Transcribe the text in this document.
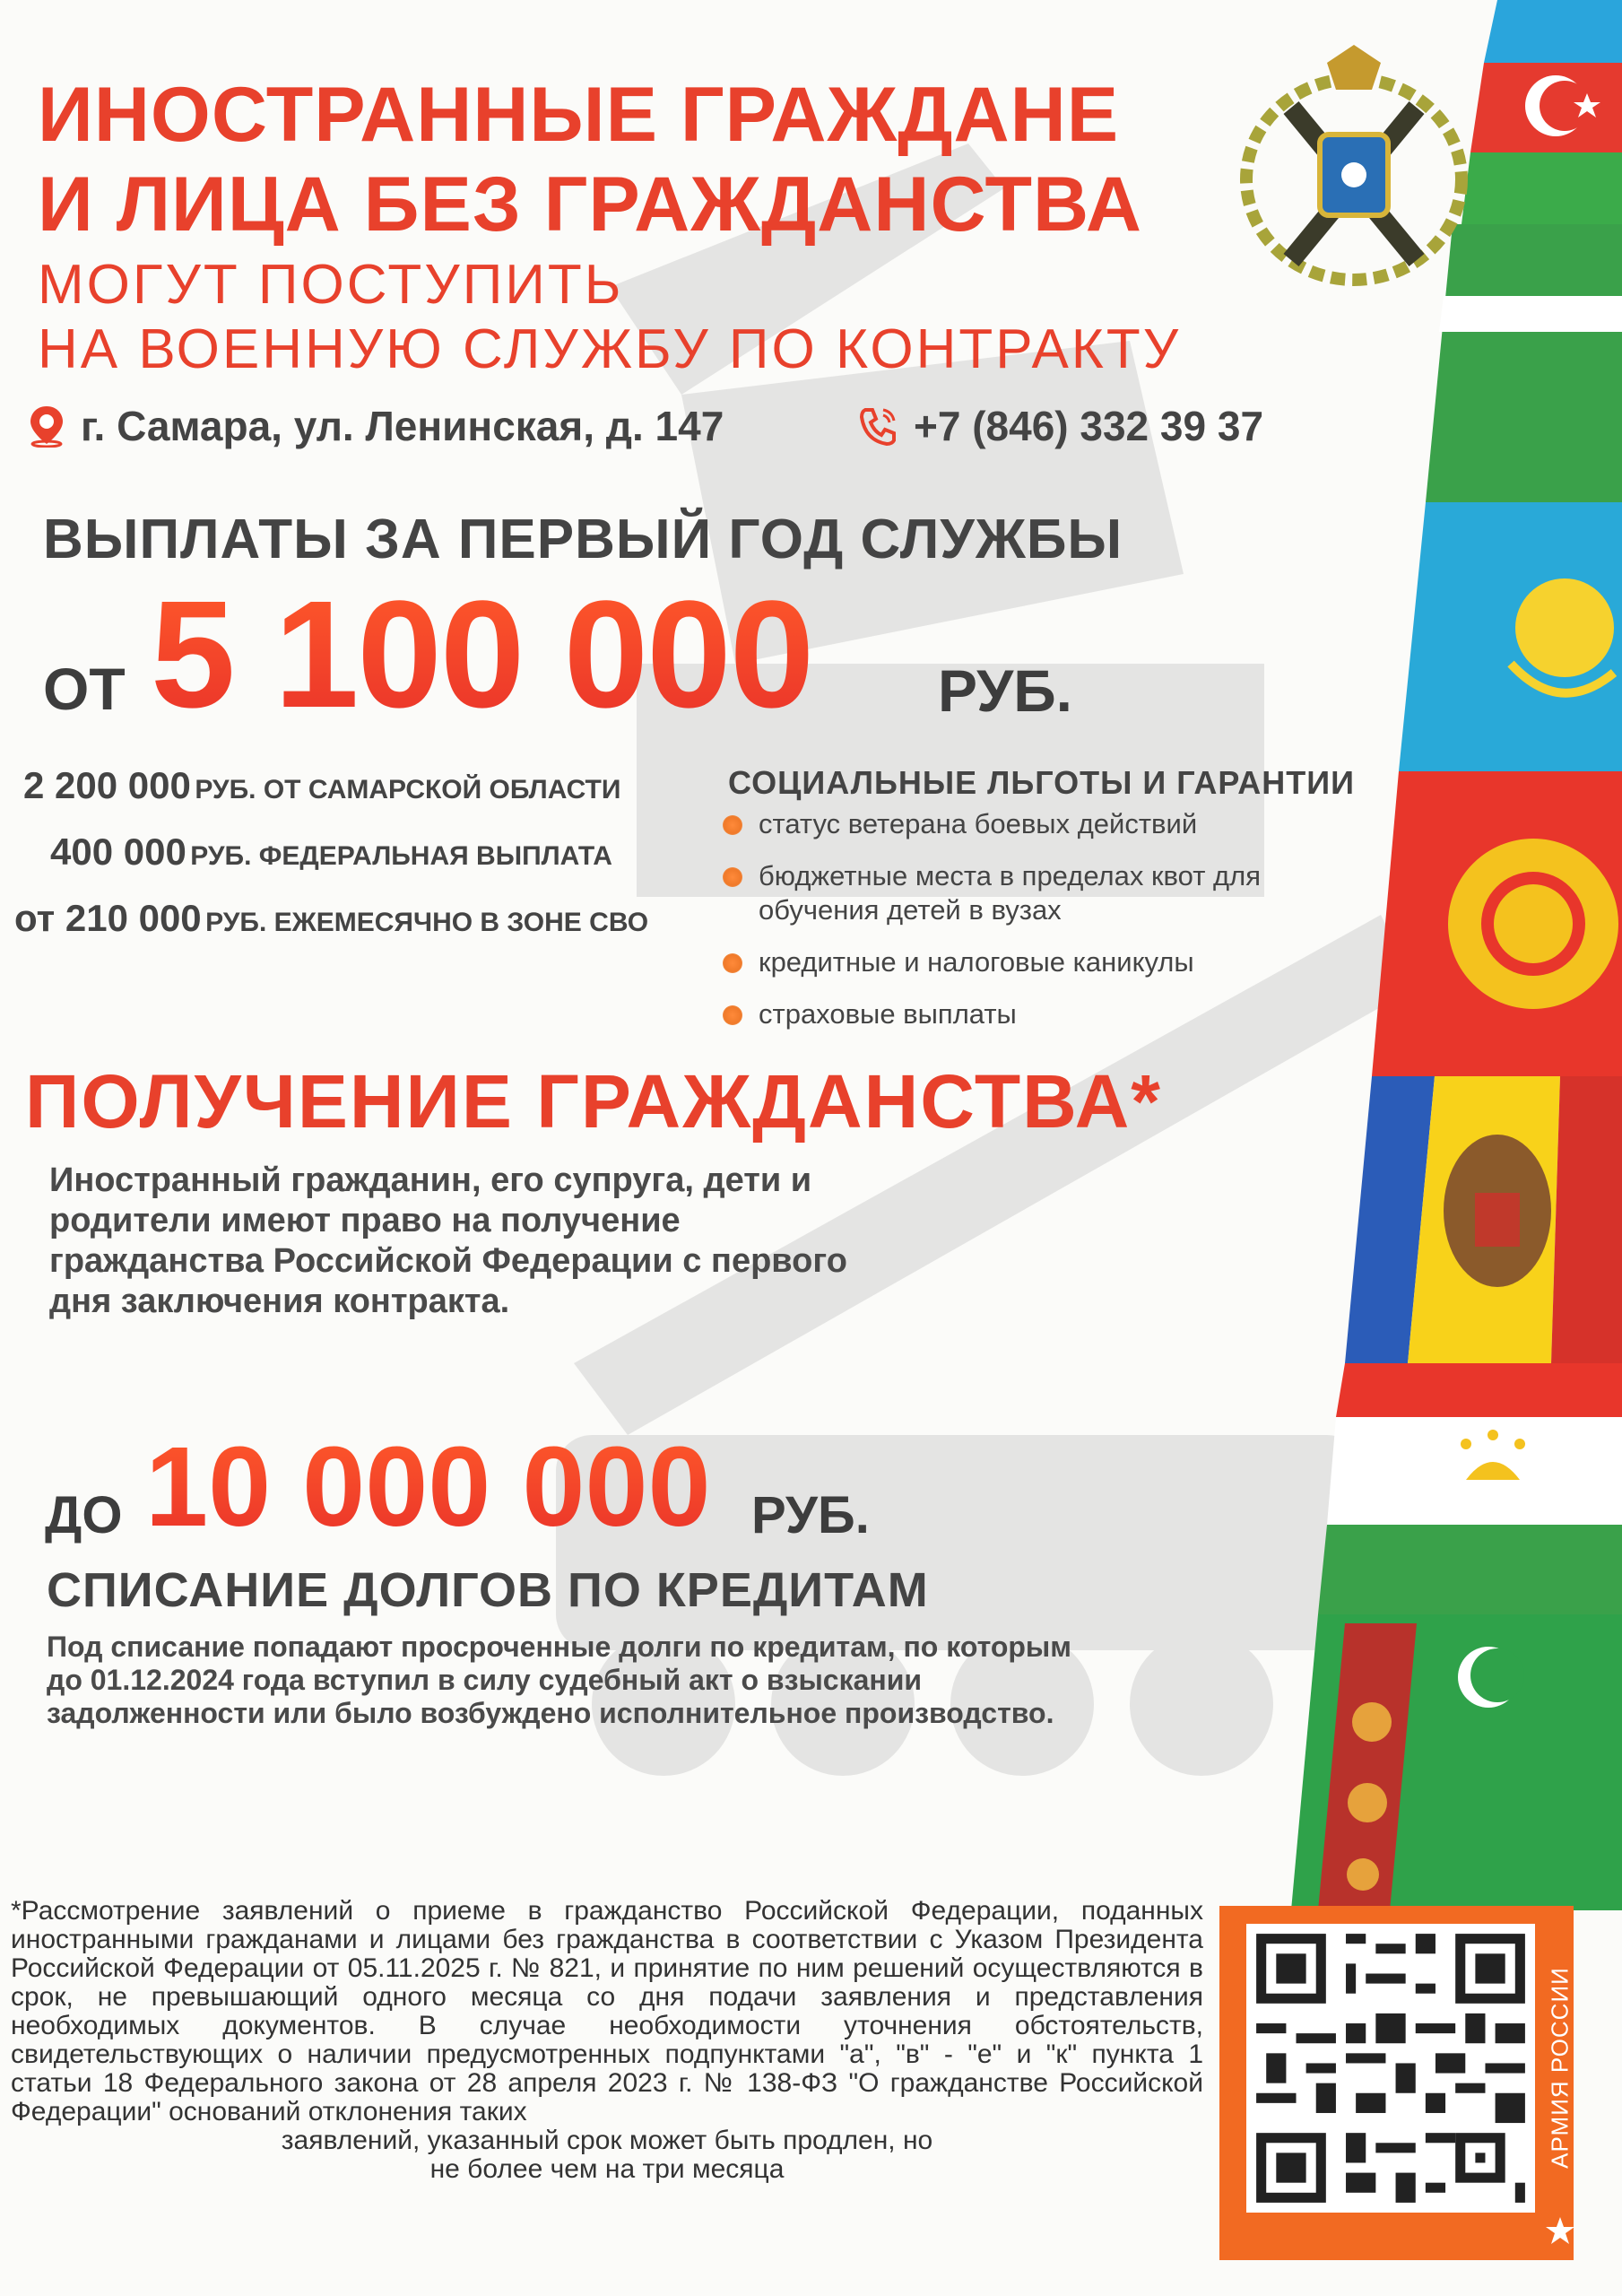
ИНОСТРАННЫЕ ГРАЖДАНЕ
И ЛИЦА БЕЗ ГРАЖДАНСТВА
МОГУТ ПОСТУПИТЬ
НА ВОЕННУЮ СЛУЖБУ ПО КОНТРАКТУ
г. Самара, ул. Ленинская, д. 147	+7 (846) 332 39 37
ВЫПЛАТЫ ЗА ПЕРВЫЙ ГОД СЛУЖБЫ
ОТ 5 100 000 РУБ.
2 200 000 РУБ. ОТ САМАРСКОЙ ОБЛАСТИ
400 000 РУБ. ФЕДЕРАЛЬНАЯ ВЫПЛАТА
от 210 000 РУБ. ЕЖЕМЕСЯЧНО В ЗОНЕ СВО
СОЦИАЛЬНЫЕ ЛЬГОТЫ И ГАРАНТИИ
статус ветерана боевых действий
бюджетные места в пределах квот для обучения детей в вузах
кредитные и налоговые каникулы
страховые выплаты
ПОЛУЧЕНИЕ ГРАЖДАНСТВА*
Иностранный гражданин, его супруга, дети и родители имеют право на получение гражданства Российской Федерации с первого дня заключения контракта.
ДО 10 000 000 РУБ.
СПИСАНИЕ ДОЛГОВ ПО КРЕДИТАМ
Под списание попадают просроченные долги по кредитам, по которым до 01.12.2024 года вступил в силу судебный акт о взыскании задолженности или было возбуждено исполнительное производство.
*Рассмотрение заявлений о приеме в гражданство Российской Федерации, поданных иностранными гражданами и лицами без гражданства в соответствии с Указом Президента Российской Федерации от 05.11.2025 г. № 821, и принятие по ним решений осуществляются в срок, не превышающий одного месяца со дня подачи заявления и представления необходимых документов. В случае необходимости уточнения обстоятельств, свидетельствующих о наличии предусмотренных подпунктами "а", "в" - "е" и "к" пункта 1 статьи 18 Федерального закона от 28 апреля 2023 г. № 138-ФЗ "О гражданстве Российской Федерации" оснований отклонения таких
заявлений, указанный срок может быть продлен, но
не более чем на три месяца
АРМИЯ РОССИИ
